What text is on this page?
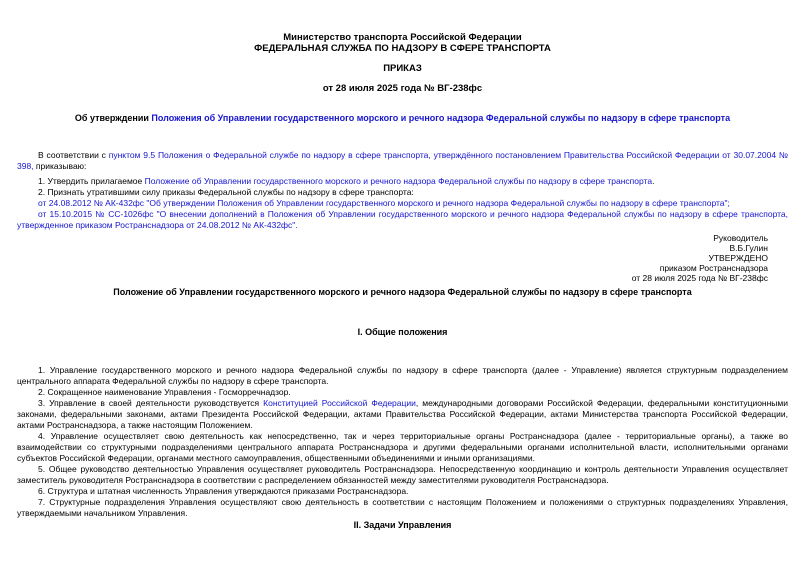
Министерство транспорта Российской Федерации
ФЕДЕРАЛЬНАЯ СЛУЖБА ПО НАДЗОРУ В СФЕРЕ ТРАНСПОРТА
ПРИКАЗ
от 28 июля 2025 года № ВГ-238фс
Об утверждении Положения об Управлении государственного морского и речного надзора Федеральной службы по надзору в сфере транспорта

В соответствии с пунктом 9.5 Положения о Федеральной службе по надзору в сфере транспорта, утверждённого постановлением Правительства Российской Федерации от 30.07.2004 № 398, приказываю:

1. Утвердить прилагаемое Положение об Управлении государственного морского и речного надзора Федеральной службы по надзору в сфере транспорта.

2. Признать утратившими силу приказы Федеральной службы по надзору в сфере транспорта:

от 24.08.2012 № АК-432фс "Об утверждении Положения об Управлении государственного морского и речного надзора Федеральной службы по надзору в сфере транспорта";

от 15.10.2015 № СС-1026фс "О внесении дополнений в Положения об Управлении государственного морского и речного надзора Федеральной службы по надзору в сфере транспорта, утвержденное приказом Ространснадзора от 24.08.2012 № АК-432фс".

Руководитель
В.Б.Гулин
УТВЕРЖДЕНО
приказом Ространснадзора
от 28 июля 2025 года № ВГ-238фс
Положение об Управлении государственного морского и речного надзора Федеральной службы по надзору в сфере транспорта
I. Общие положения

1. Управление государственного морского и речного надзора Федеральной службы по надзору в сфере транспорта (далее - Управление) является структурным подразделением центрального аппарата Федеральной службы по надзору в сфере транспорта.

2. Сокращенное наименование Управления - Госморречнадзор.

3. Управление в своей деятельности руководствуется Конституцией Российской Федерации, международными договорами Российской Федерации, федеральными конституционными законами, федеральными законами, актами Президента Российской Федерации, актами Правительства Российской Федерации, актами Министерства транспорта Российской Федерации, актами Ространснадзора, а также настоящим Положением.

4. Управление осуществляет свою деятельность как непосредственно, так и через территориальные органы Ространснадзора (далее - территориальные органы), а также во взаимодействии со структурными подразделениями центрального аппарата Ространснадзора и другими федеральными органами исполнительной власти, исполнительными органами субъектов Российской Федерации, органами местного самоуправления, общественными объединениями и иными организациями.

5. Общее руководство деятельностью Управления осуществляет руководитель Ространснадзора. Непосредственную координацию и контроль деятельности Управления осуществляет заместитель руководителя Ространснадзора в соответствии с распределением обязанностей между заместителями руководителя Ространснадзора.

6. Структура и штатная численность Управления утверждаются приказами Ространснадзора.

7. Структурные подразделения Управления осуществляют свою деятельность в соответствии с настоящим Положением и положениями о структурных подразделениях Управления, утверждаемыми начальником Управления.

II. Задачи Управления
